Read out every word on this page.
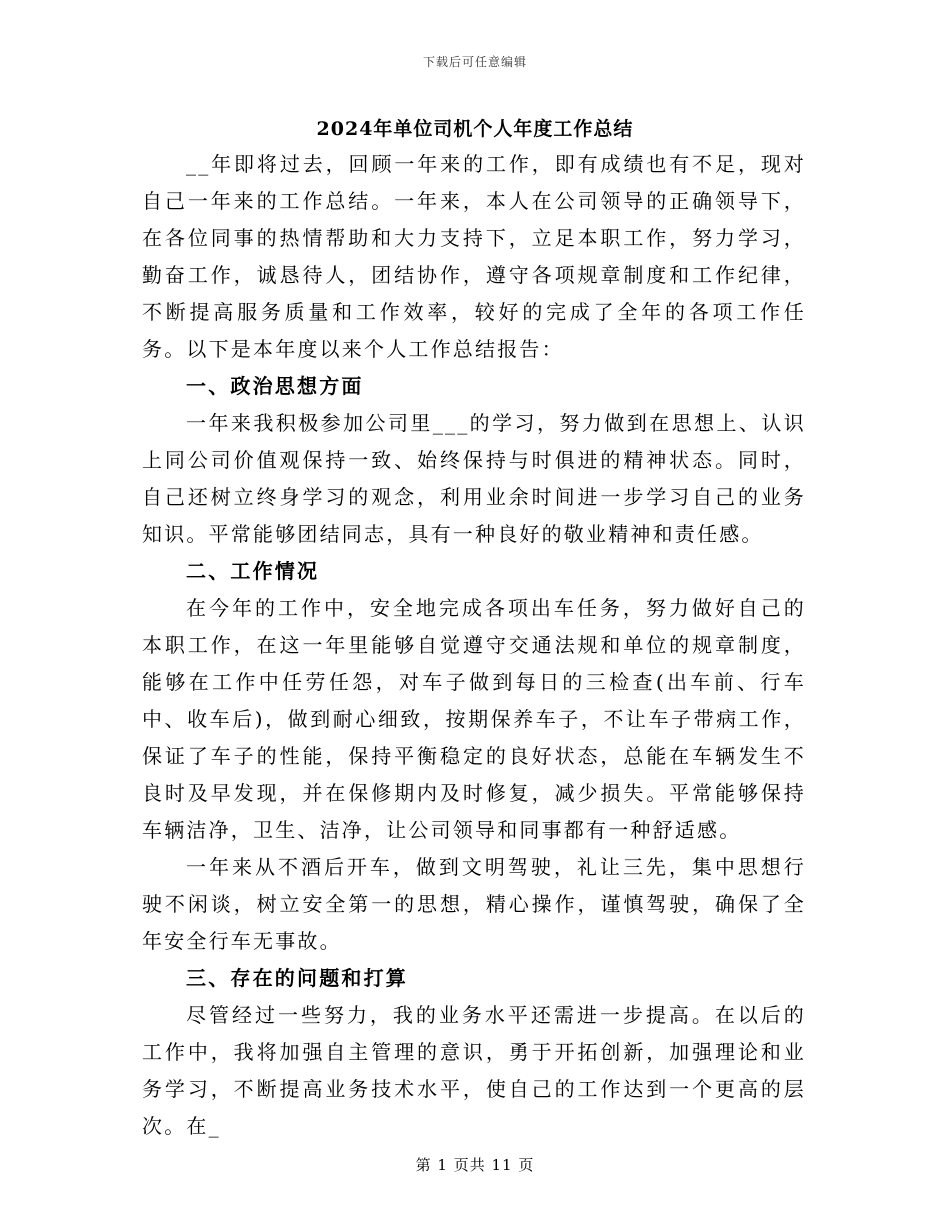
下载后可任意编辑
2024年单位司机个人年度工作总结

__年即将过去，回顾一年来的工作，即有成绩也有不足，现对自己一年来的工作总结。一年来，本人在公司领导的正确领导下，在各位同事的热情帮助和大力支持下，立足本职工作，努力学习，勤奋工作，诚恳待人，团结协作，遵守各项规章制度和工作纪律，不断提高服务质量和工作效率，较好的完成了全年的各项工作任务。以下是本年度以来个人工作总结报告：

一、政治思想方面

一年来我积极参加公司里___的学习，努力做到在思想上、认识上同公司价值观保持一致、始终保持与时俱进的精神状态。同时，自己还树立终身学习的观念，利用业余时间进一步学习自己的业务知识。平常能够团结同志，具有一种良好的敬业精神和责任感。

二、工作情况

在今年的工作中，安全地完成各项出车任务，努力做好自己的本职工作，在这一年里能够自觉遵守交通法规和单位的规章制度，能够在工作中任劳任怨，对车子做到每日的三检查(出车前、行车中、收车后)，做到耐心细致，按期保养车子，不让车子带病工作，保证了车子的性能，保持平衡稳定的良好状态，总能在车辆发生不良时及早发现，并在保修期内及时修复，减少损失。平常能够保持车辆洁净，卫生、洁净，让公司领导和同事都有一种舒适感。

一年来从不酒后开车，做到文明驾驶，礼让三先，集中思想行驶不闲谈，树立安全第一的思想，精心操作，谨慎驾驶，确保了全年安全行车无事故。

三、存在的问题和打算

尽管经过一些努力，我的业务水平还需进一步提高。在以后的工作中，我将加强自主管理的意识，勇于开拓创新，加强理论和业务学习，不断提高业务技术水平，使自己的工作达到一个更高的层次。在_

第 1 页共 11 页
